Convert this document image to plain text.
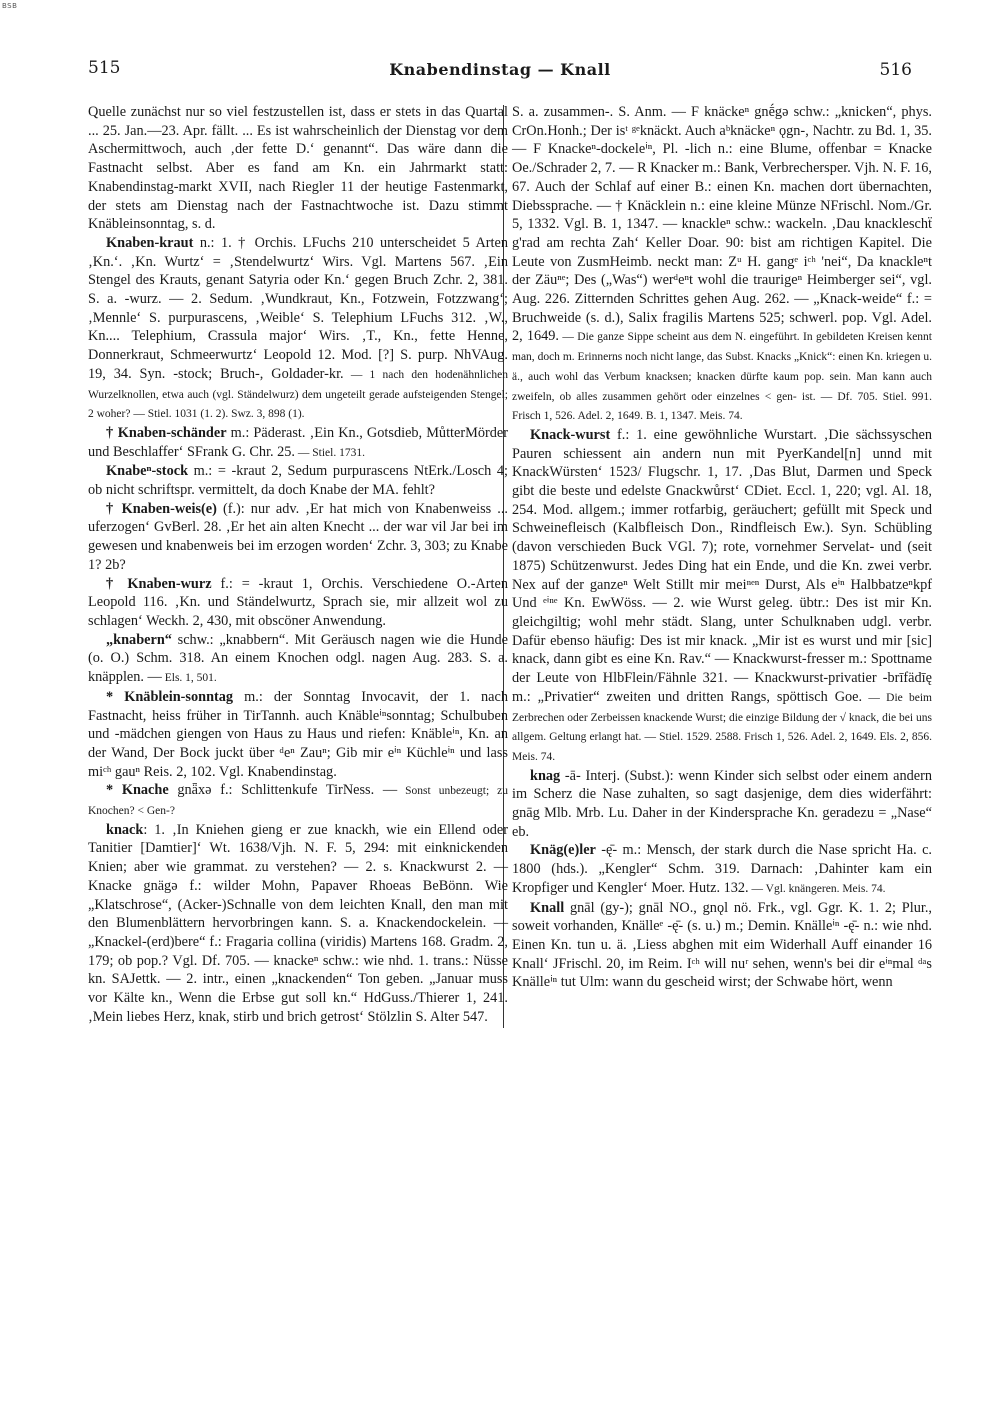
BSB
515	Knabendinstag — Knall	516

Quelle zunächst nur so viel festzustellen ist, dass er stets in das Quartal ... 25. Jan.—23. Apr. fällt. ... Es ist wahrscheinlich der Dienstag vor dem Aschermittwoch, auch ‚der fette D.‘ genannt“. Das wäre dann die Fastnacht selbst. Aber es fand am Kn. ein Jahrmarkt statt: Knabendinstag-markt XVII, nach Riegler 11 der heutige Fastenmarkt, der stets am Dienstag nach der Fastnachtwoche ist. Dazu stimmt Knäbleinsonntag, s. d.

Knaben-kraut n.: 1. † Orchis. LFuchs 210 unterscheidet 5 Arten ‚Kn.‘. ‚Kn. Wurtz‘ = ‚Stendelwurtz‘ Wirs. Vgl. Martens 567. ‚Ein Stengel des Krauts, genant Satyria oder Kn.‘ gegen Bruch Zchr. 2, 381. S. a. -wurz. — 2. Sedum. ‚Wundkraut, Kn., Fotzwein, Fotzzwang‘; ‚Mennle‘ S. purpurascens, ‚Weible‘ S. Telephium LFuchs 312. ‚W., Kn.... Telephium, Crassula major‘ Wirs. ‚T., Kn., fette Henne, Donnerkraut, Schmeerwurtz‘ Leopold 12. Mod. [?] S. purp. NhVAug. 19, 34. Syn. -stock; Bruch-, Goldader-kr. — 1 nach den hodenähnlichen Wurzelknollen, etwa auch (vgl. Ständelwurz) dem ungeteilt gerade aufsteigenden Stengel; 2 woher? — Stiel. 1031 (1. 2). Swz. 3, 898 (1).

† Knaben-schänder m.: Päderast. ‚Ein Kn., Gotsdieb, MůtterMörder und Beschlaffer‘ SFrank G. Chr. 25. — Stiel. 1731.

Knabeⁿ-stock m.: = -kraut 2, Sedum purpurascens NtErk./Losch 4; ob nicht schriftspr. vermittelt, da doch Knabe der MA. fehlt?

† Knaben-weis(e) (f.): nur adv. ‚Er hat mich von Knabenweiss ... uferzogen‘ GvBerl. 28. ‚Er het ain alten Knecht ... der war vil Jar bei im gewesen und knabenweis bei im erzogen worden‘ Zchr. 3, 303; zu Knabe 1? 2b?

† Knaben-wurz f.: = -kraut 1, Orchis. Verschiedene O.-Arten Leopold 116. ‚Kn. und Ständelwurtz, Sprach sie, mir allzeit wol zu schlagen‘ Weckh. 2, 430, mit obscöner Anwendung.

„knabern“ schw.: „knabbern“. Mit Geräusch nagen wie die Hunde (o. O.) Schm. 318. An einem Knochen odgl. nagen Aug. 283. S. a. knäpplen. — Els. 1, 501.

* Knäblein-sonntag m.: der Sonntag Invocavit, der 1. nach Fastnacht, heiss früher in TirTannh. auch Knäbleⁱⁿsonntag; Schulbuben und -mädchen giengen von Haus zu Haus und riefen: Knäbleⁱⁿ, Kn. an der Wand, Der Bock juckt über ᵈeⁿ Zauⁿ; Gib mir eⁱⁿ Küchleⁱⁿ und lass miᶜʰ gauⁿ Reis. 2, 102. Vgl. Knabendinstag.

* Knache gnǟxə f.: Schlittenkufe TirNess. — Sonst unbezeugt; zu Knochen? < Gen-?

knack: 1. ‚In Kniehen gieng er zue knackh, wie ein Ellend oder Tanitier [Damtier]‘ Wt. 1638/Vjh. N. F. 5, 294: mit einknickenden Knien; aber wie grammat. zu verstehen? — 2. s. Knackwurst 2. — Knacke gnägə f.: wilder Mohn, Papaver Rhoeas BeBönn. Wie „Klatschrose“, (Acker-)Schnalle von dem leichten Knall, den man mit den Blumenblättern hervorbringen kann. S. a. Knackendockelein. — „Knackel-(erd)bere“ f.: Fragaria collina (viridis) Martens 168. Gradm. 2, 179; ob pop.? Vgl. Df. 705. — knackeⁿ schw.: wie nhd. 1. trans.: Nüsse kn. SAJettk. — 2. intr., einen „knackenden“ Ton geben. „Januar muss vor Kälte kn., Wenn die Erbse gut soll kn.“ HdGuss./Thierer 1, 241. ‚Mein liebes Herz, knak, stirb und brich getrost‘ Stölzlin S. Alter 547.

S. a. zusammen-. S. Anm. — F knäckeⁿ gnḗgə schw.: „knicken“, phys. CrOn.Honh.; Der isᵗ ᵍᵉknäckt. Auch aᵇknäckeⁿ ǫgn-, Nachtr. zu Bd. 1, 35. — F Knackeⁿ-dockeleⁱⁿ, Pl. -lich n.: eine Blume, offenbar = Knacke Oe./Schrader 2, 7. — R Knacker m.: Bank, Verbrechersper. Vjh. N. F. 16, 67. Auch der Schlaf auf einer B.: einen Kn. machen dort übernachten, Diebssprache. — † Knäcklein n.: eine kleine Münze NFrischl. Nom./Gr. 5, 1332. Vgl. B. 1, 1347. — knackleⁿ schw.: wackeln. ‚Dau knackleschẗ g'rad am rechta Zah‘ Keller Doar. 90: bist am richtigen Kapitel. Die Leute von ZusmHeimb. neckt man: Zᵘ H. gangᵉ iᶜʰ 'nei“, Da knackleⁿt der Zäuⁿᵉ; Des („Was“) werᵈeⁿt wohl die traurigeⁿ Heimberger sei“, vgl. Aug. 226. Zitternden Schrittes gehen Aug. 262. — „Knack-weide“ f.: = Bruchweide (s. d.), Salix fragilis Martens 525; schwerl. pop. Vgl. Adel. 2, 1649. — Die ganze Sippe scheint aus dem N. eingeführt. In gebildeten Kreisen kennt man, doch m. Erinnerns noch nicht lange, das Subst. Knacks „Knick“: einen Kn. kriegen u. ä., auch wohl das Verbum knacksen; knacken dürfte kaum pop. sein. Man kann auch zweifeln, ob alles zusammen gehört oder einzelnes < gen- ist. — Df. 705. Stiel. 991. Frisch 1, 526. Adel. 2, 1649. B. 1, 1347. Meis. 74.

Knack-wurst f.: 1. eine gewöhnliche Wurstart. ‚Die sächssyschen Pauren schiessent ain andern nun mit PyerKandel[n] unnd mit KnackWürsten‘ 1523/ Flugschr. 1, 17. ‚Das Blut, Darmen und Speck gibt die beste und edelste Gnackwůrst‘ CDiet. Eccl. 1, 220; vgl. Al. 18, 254. Mod. allgem.; immer rotfarbig, geräuchert; gefüllt mit Speck und Schweinefleisch (Kalbfleisch Don., Rindfleisch Ew.). Syn. Schübling (davon verschieden Buck VGl. 7); rote, vornehmer Servelat- und (seit 1875) Schützenwurst. Jedes Ding hat ein Ende, und die Kn. zwei verbr. Nex auf der ganzeⁿ Welt Stillt mir meiⁿᵉⁿ Durst, Als eⁱⁿ Halbbatzeⁿkpf Und ᵉⁱⁿᵉ Kn. EwWöss. — 2. wie Wurst geleg. übtr.: Des ist mir Kn. gleichgiltig; wohl mehr städt. Slang, unter Schulknaben udgl. verbr. Dafür ebenso häufig: Des ist mir knack. „Mir ist es wurst und mir [sic] knack, dann gibt es eine Kn. Rav.“ — Knackwurst-fresser m.: Spottname der Leute von HlbFlein/Fähnle 321. — Knackwurst-privatier -brīfädīę m.: „Privatier“ zweiten und dritten Rangs, spöttisch Goe. — Die beim Zerbrechen oder Zerbeissen knackende Wurst; die einzige Bildung der √ knack, die bei uns allgem. Geltung erlangt hat. — Stiel. 1529. 2588. Frisch 1, 526. Adel. 2, 1649. Els. 2, 856. Meis. 74.

knag -ā- Interj. (Subst.): wenn Kinder sich selbst oder einem andern im Scherz die Nase zuhalten, so sagt dasjenige, dem dies widerfährt: gnāg Mlb. Mrb. Lu. Daher in der Kindersprache Kn. geradezu = „Nase“ eb.

Knäg(e)ler -ę̄- m.: Mensch, der stark durch die Nase spricht Ha. c. 1800 (hds.). „Kengler“ Schm. 319. Darnach: ‚Dahinter kam ein Kropfiger und Kengler‘ Moer. Hutz. 132. — Vgl. knängeren. Meis. 74.

Knall gnāl (gy-); gnāl NO., gnǫl nö. Frk., vgl. Ggr. K. 1. 2; Plur., soweit vorhanden, Knälleᵉ -ę̄- (s. u.) m.; Demin. Knälleⁱⁿ -ę̄- n.: wie nhd. Einen Kn. tun u. ä. ‚Liess abghen mit eim Widerhall Auff einander 16 Knall‘ JFrischl. 20, im Reim. Iᶜʰ will nuʳ sehen, wenn's bei dir eⁱⁿmal ᵈᵃs Knälleⁱⁿ tut Ulm: wann du gescheid wirst; der Schwabe hört, wenn
